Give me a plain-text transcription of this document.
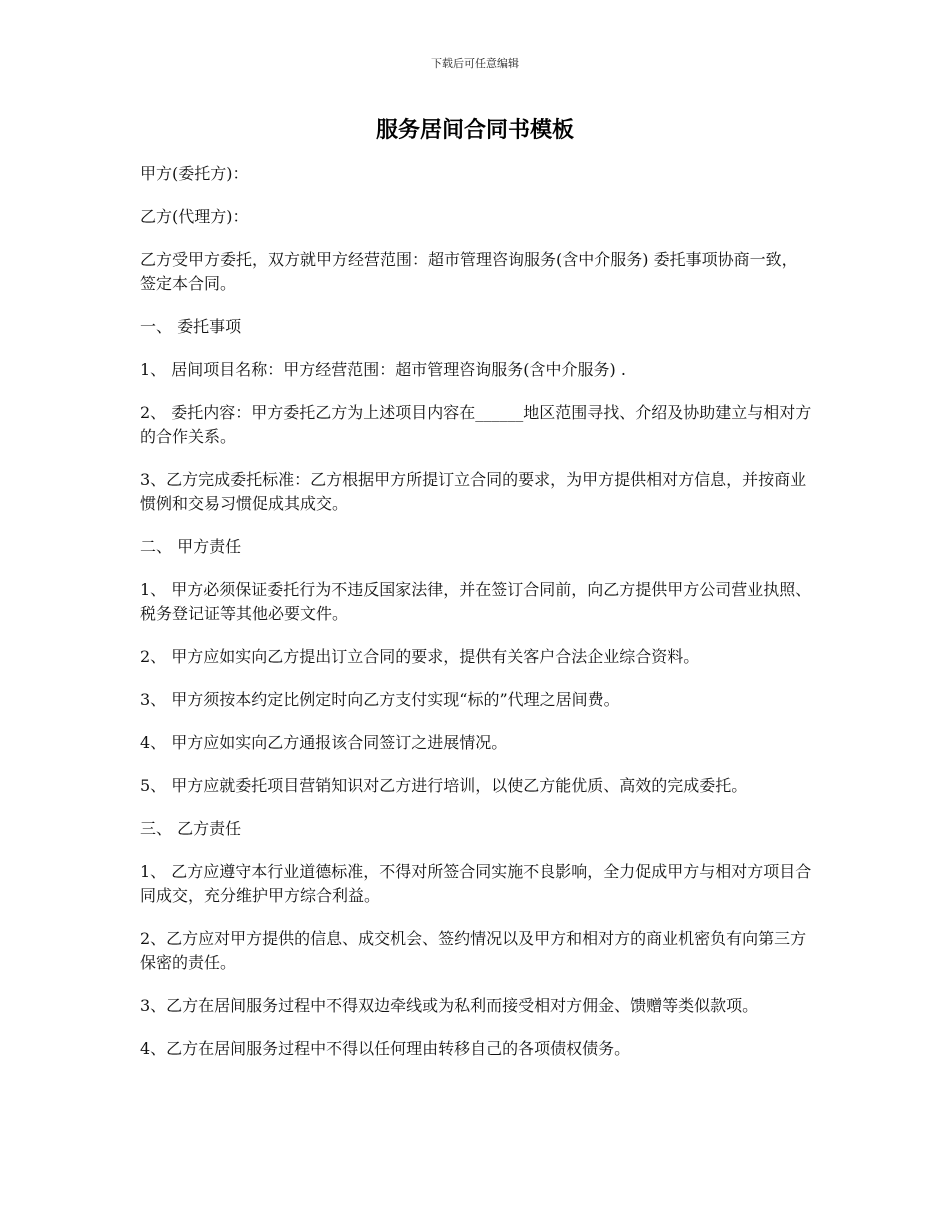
下载后可任意编辑
服务居间合同书模板

甲方(委托方)：

乙方(代理方)：

乙方受甲方委托，双方就甲方经营范围：超市管理咨询服务(含中介服务) 委托事项协商一致，签定本合同。

一、 委托事项

1、 居间项目名称：甲方经营范围：超市管理咨询服务(含中介服务) .

2、 委托内容：甲方委托乙方为上述项目内容在______地区范围寻找、介绍及协助建立与相对方的合作关系。

3、乙方完成委托标准：乙方根据甲方所提订立合同的要求，为甲方提供相对方信息，并按商业惯例和交易习惯促成其成交。

二、 甲方责任

1、 甲方必须保证委托行为不违反国家法律，并在签订合同前，向乙方提供甲方公司营业执照、税务登记证等其他必要文件。

2、 甲方应如实向乙方提出订立合同的要求，提供有关客户合法企业综合资料。

3、 甲方须按本约定比例定时向乙方支付实现“标的”代理之居间费。

4、 甲方应如实向乙方通报该合同签订之进展情况。

5、 甲方应就委托项目营销知识对乙方进行培训，以使乙方能优质、高效的完成委托。

三、 乙方责任

1、 乙方应遵守本行业道德标准，不得对所签合同实施不良影响，全力促成甲方与相对方项目合同成交，充分维护甲方综合利益。

2、乙方应对甲方提供的信息、成交机会、签约情况以及甲方和相对方的商业机密负有向第三方保密的责任。

3、乙方在居间服务过程中不得双边牵线或为私利而接受相对方佣金、馈赠等类似款项。

4、乙方在居间服务过程中不得以任何理由转移自己的各项债权债务。
